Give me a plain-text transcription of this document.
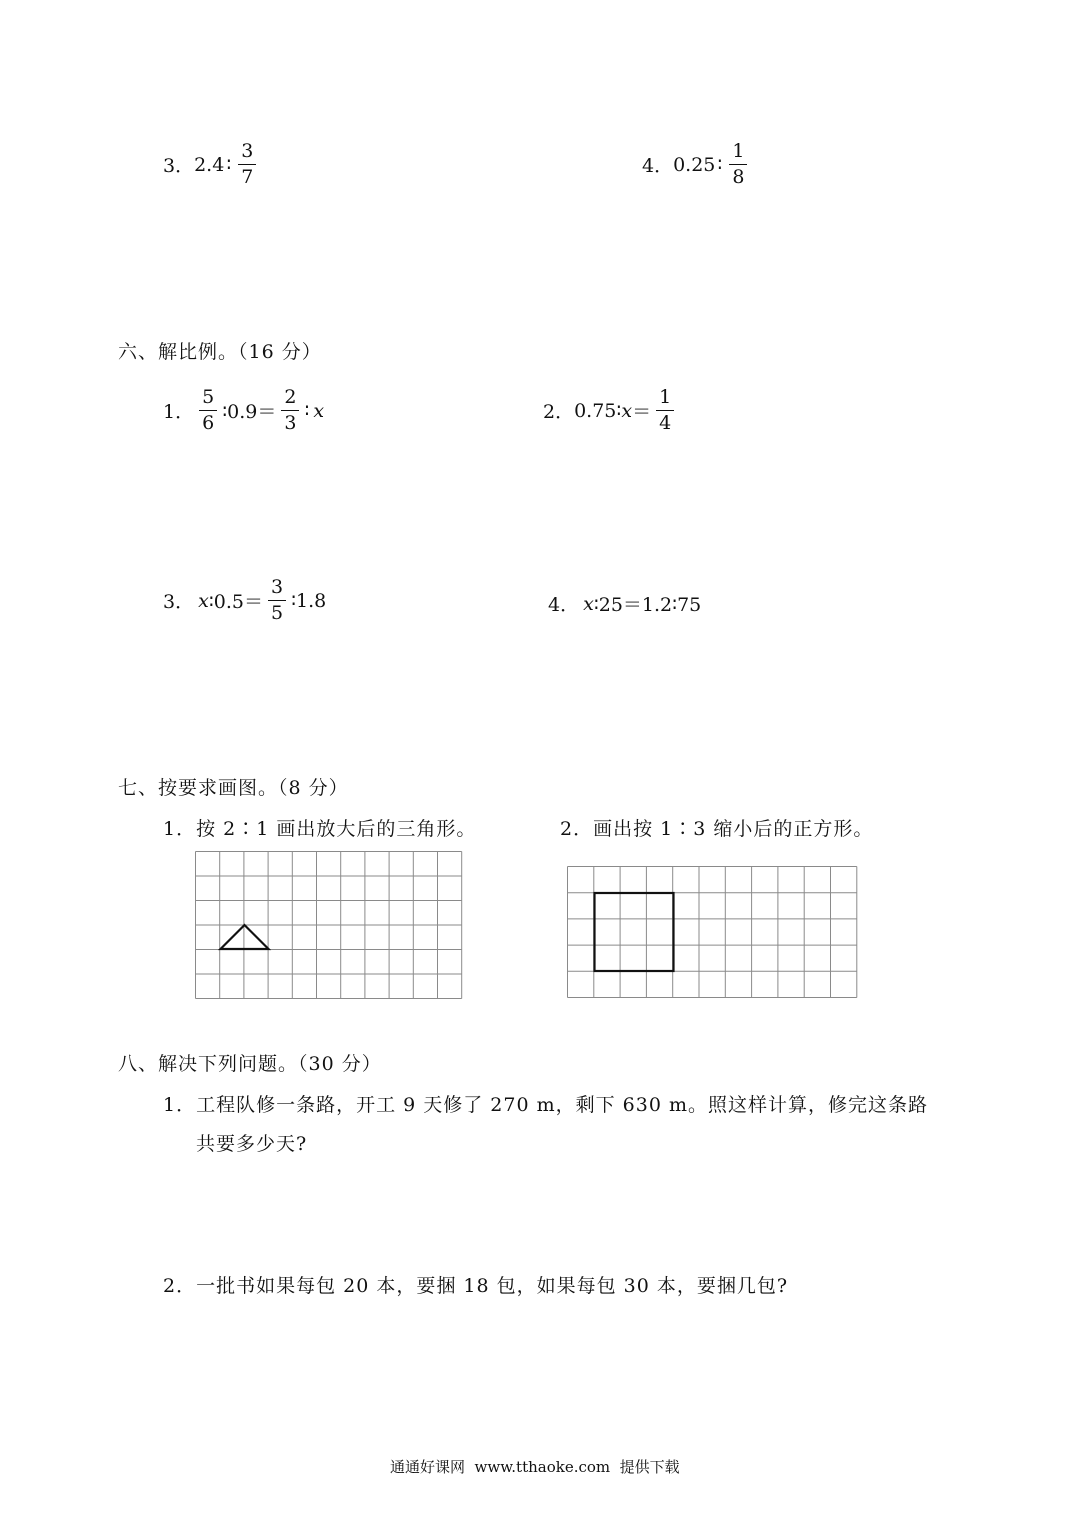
3． 2.4 ∶ $\frac{3}{7}$	4． 0.25 ∶ $\frac{1}{8}$
六、解比例。（16 分）
1． $\frac{5}{6}$ ∶0.9＝ $\frac{2}{3}$ ∶ x	2． 0.75∶ $x = \frac{1}{4}$
3． x ∶0.5＝ $\frac{3}{5}$ ∶1.8	4． x ∶25＝1.2∶75
七、按要求画图。（8 分）
1．按 2∶1 画出放大后的三角形。	2．画出按 1∶3 缩小后的正方形。
八、解决下列问题。（30 分）
1．工程队修一条路，开工 9 天修了 270 m，剩下 630 m。照这样计算，修完这条路
共要多少天?
2．一批书如果每包 20 本，要捆 18 包，如果每包 30 本，要捆几包?
通通好课网  www.tthaoke.com  提供下载
